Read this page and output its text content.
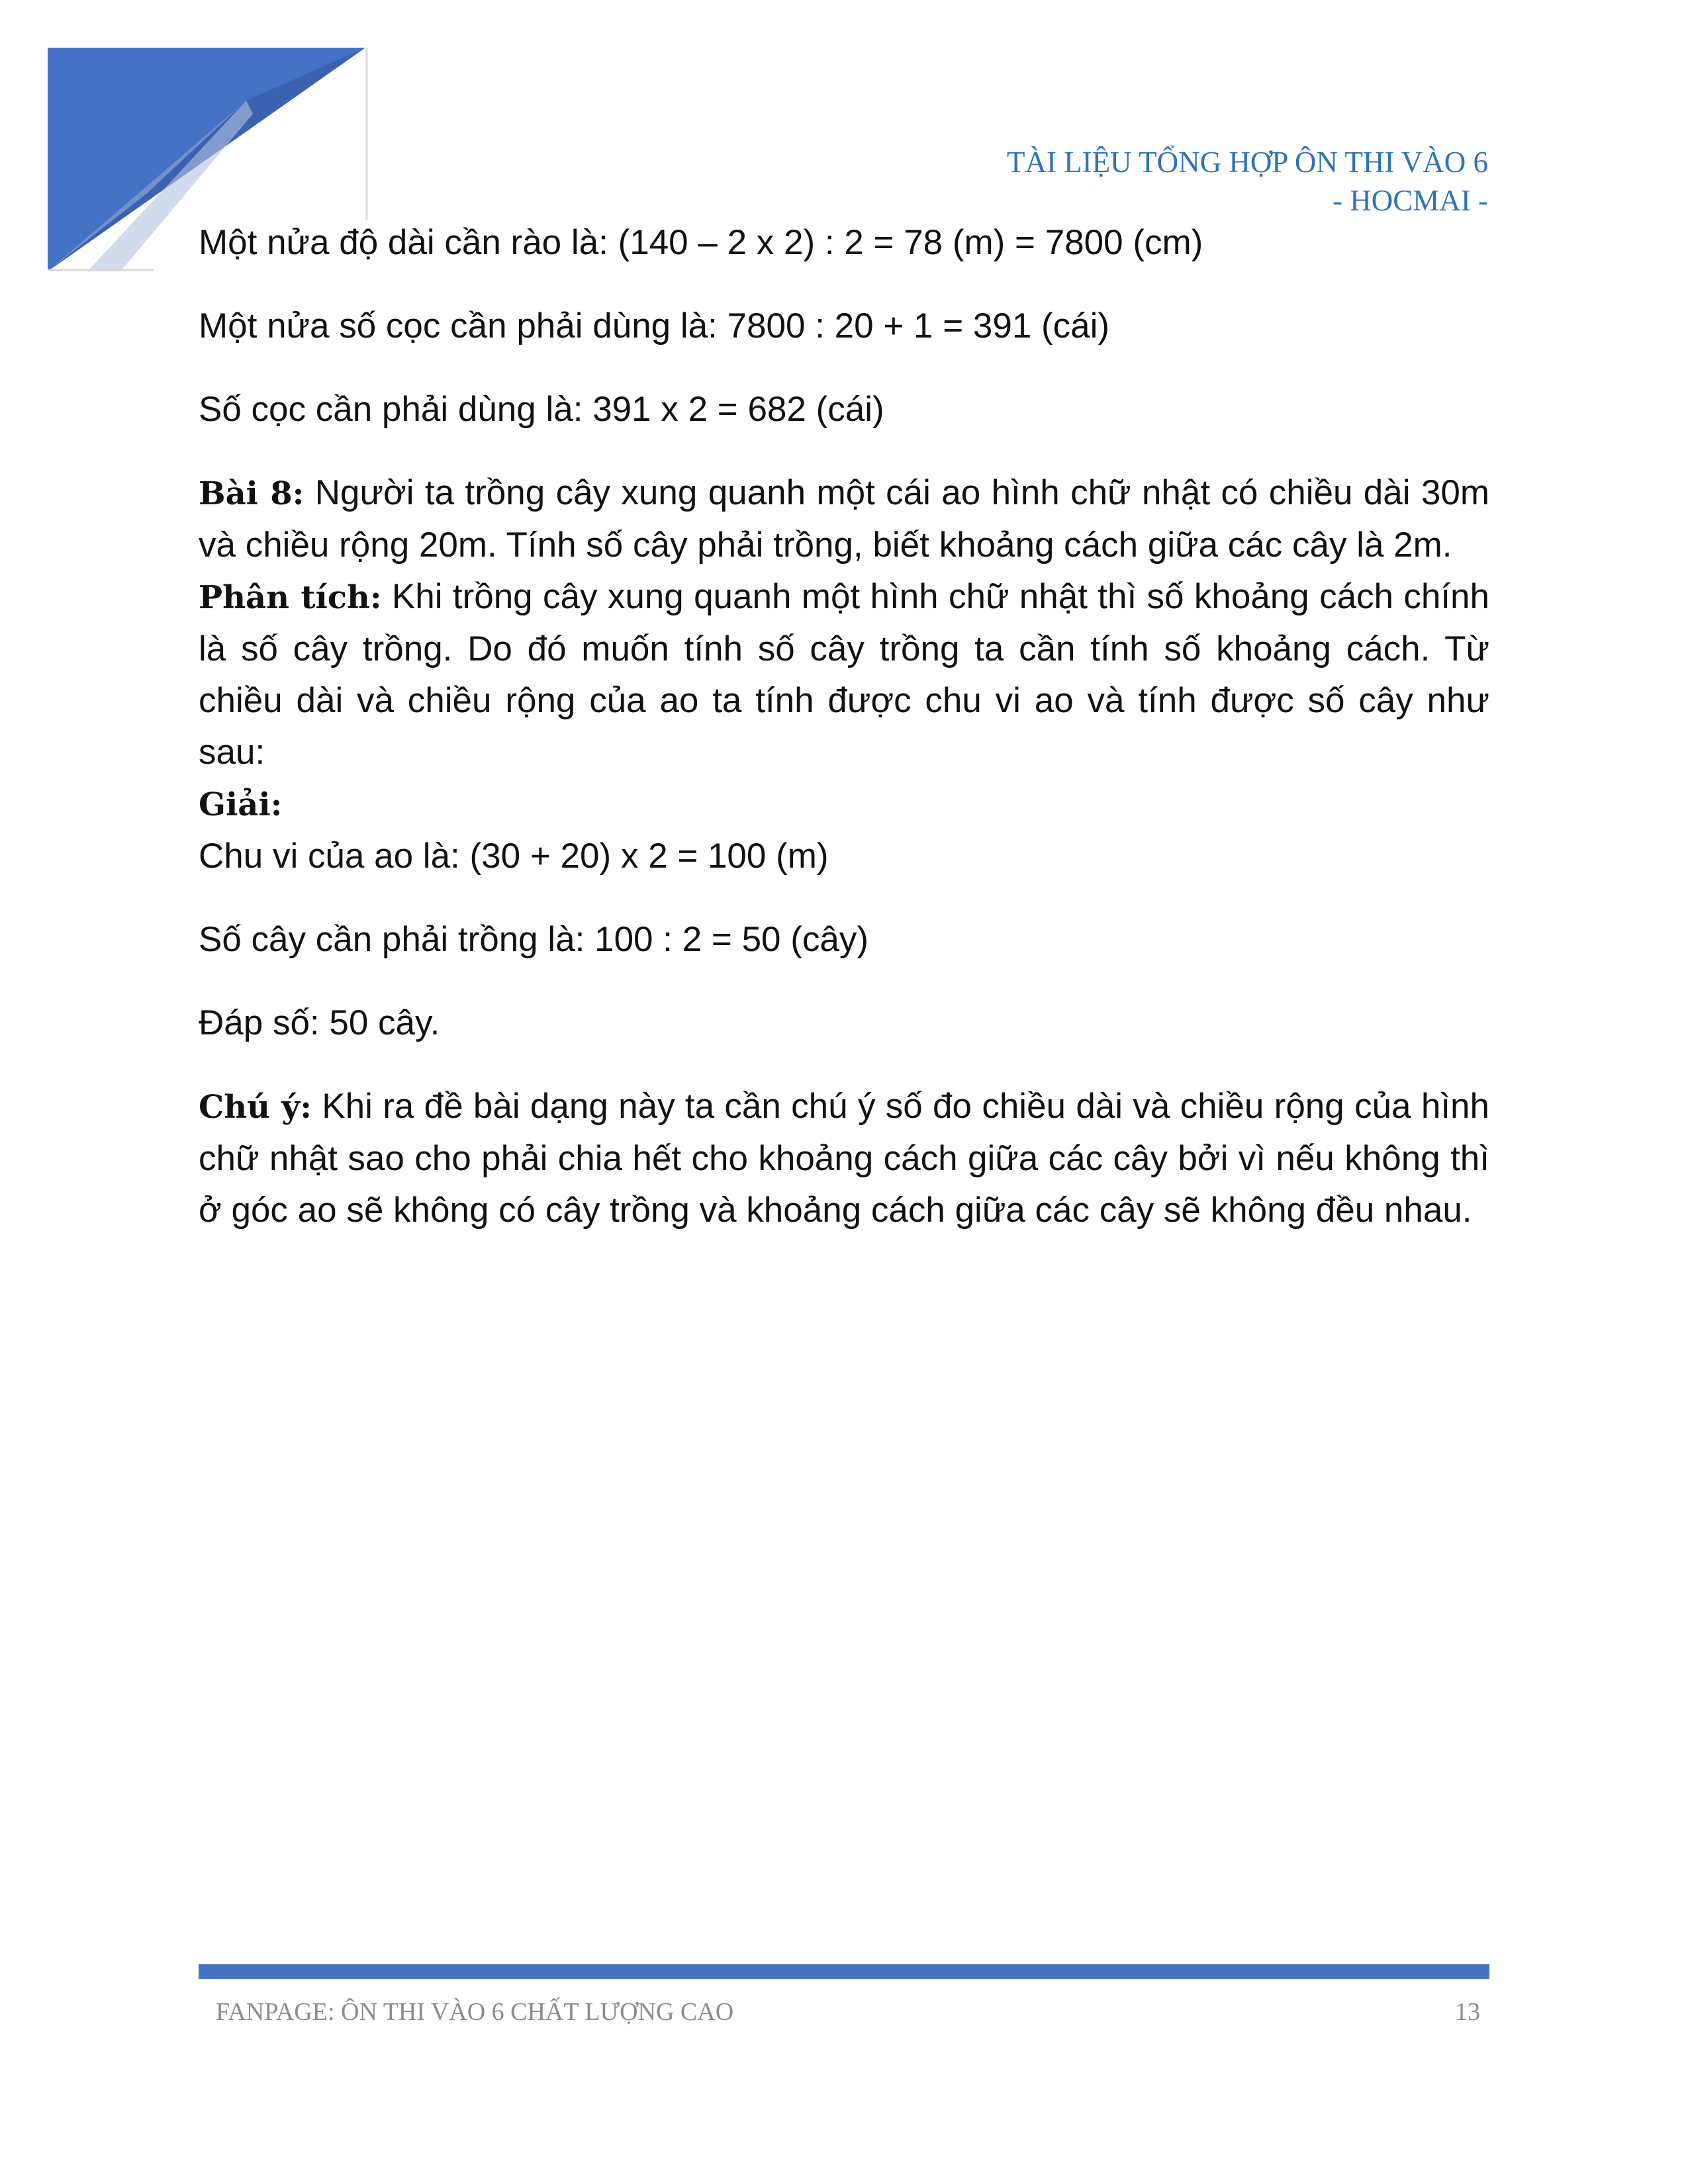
TÀI LIỆU TỔNG HỢP ÔN THI VÀO 6
- HOCMAI -

Một nửa độ dài cần rào là: (140 – 2 x 2) : 2 = 78 (m) = 7800 (cm)

Một nửa số cọc cần phải dùng là: 7800 : 20 + 1 = 391 (cái)

Số cọc cần phải dùng là: 391 x 2 = 682 (cái)

Bài 8: Người ta trồng cây xung quanh một cái ao hình chữ nhật có chiều dài 30m và chiều rộng 20m. Tính số cây phải trồng, biết khoảng cách giữa các cây là 2m.

Phân tích: Khi trồng cây xung quanh một hình chữ nhật thì số khoảng cách chính là số cây trồng. Do đó muốn tính số cây trồng ta cần tính số khoảng cách. Từ chiều dài và chiều rộng của ao ta tính được chu vi ao và tính được số cây như sau:

Giải:

Chu vi của ao là: (30 + 20) x 2 = 100 (m)

Số cây cần phải trồng là: 100 : 2 = 50 (cây)

Đáp số: 50 cây.

Chú ý: Khi ra đề bài dạng này ta cần chú ý số đo chiều dài và chiều rộng của hình chữ nhật sao cho phải chia hết cho khoảng cách giữa các cây bởi vì nếu không thì ở góc ao sẽ không có cây trồng và khoảng cách giữa các cây sẽ không đều nhau.

FANPAGE: ÔN THI VÀO 6 CHẤT LƯỢNG CAO	13
